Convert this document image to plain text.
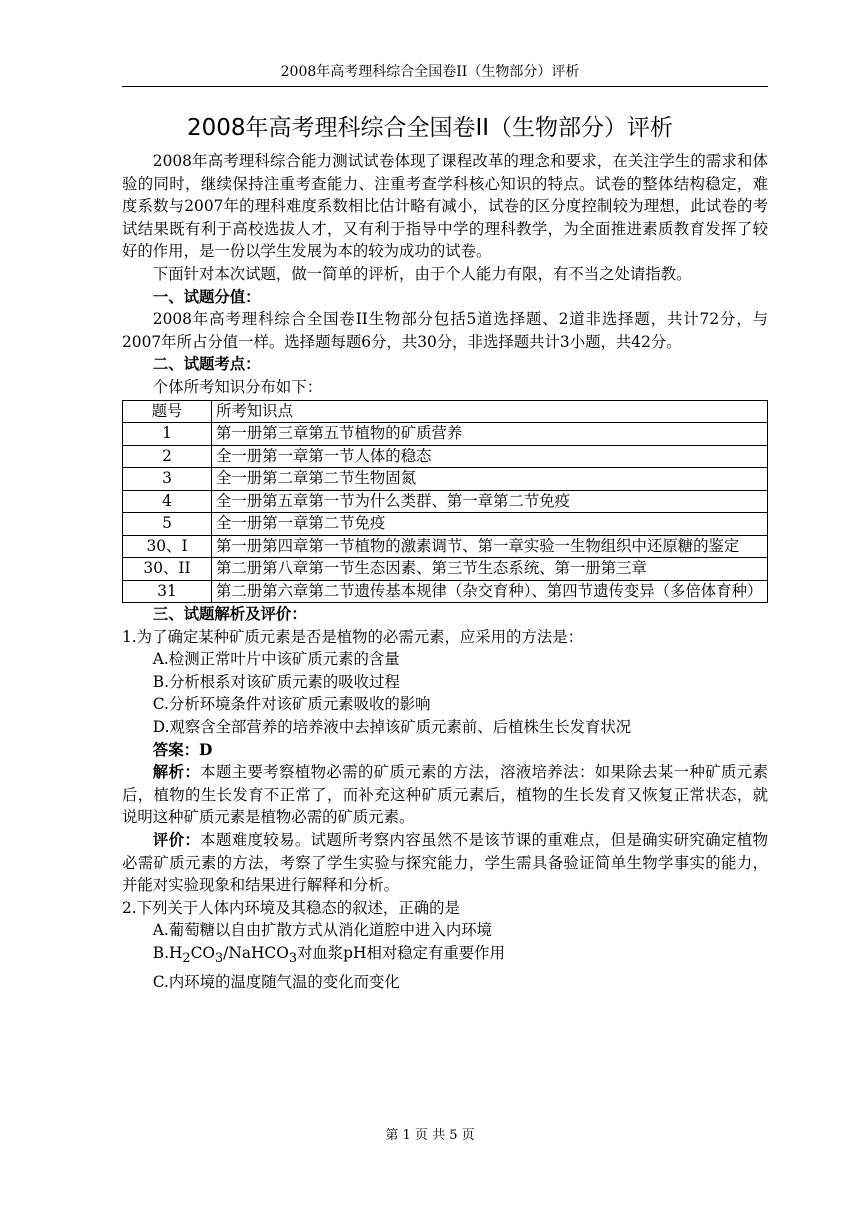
2008年高考理科综合全国卷II（生物部分）评析
2008年高考理科综合全国卷II（生物部分）评析

2008年高考理科综合能力测试试卷体现了课程改革的理念和要求，在关注学生的需求和体验的同时，继续保持注重考查能力、注重考查学科核心知识的特点。试卷的整体结构稳定，难度系数与2007年的理科难度系数相比估计略有减小，试卷的区分度控制较为理想，此试卷的考试结果既有利于高校选拔人才，又有利于指导中学的理科教学，为全面推进素质教育发挥了较好的作用，是一份以学生发展为本的较为成功的试卷。

下面针对本次试题，做一简单的评析，由于个人能力有限，有不当之处请指教。

一、试题分值：

2008年高考理科综合全国卷II生物部分包括5道选择题、2道非选择题，共计72分，与2007年所占分值一样。选择题每题6分，共30分，非选择题共计3小题，共42分。

二、试题考点：

个体所考知识分布如下：

题号	所考知识点
1	第一册第三章第五节植物的矿质营养
2	全一册第一章第一节人体的稳态
3	全一册第二章第二节生物固氮
4	全一册第五章第一节为什么类群、第一章第二节免疫
5	全一册第一章第二节免疫
30、I	第一册第四章第一节植物的激素调节、第一章实验一生物组织中还原糖的鉴定
30、II	第二册第八章第一节生态因素、第三节生态系统、第一册第三章
31	第二册第六章第二节遗传基本规律（杂交育种）、第四节遗传变异（多倍体育种）

三、试题解析及评价：

1.为了确定某种矿质元素是否是植物的必需元素，应采用的方法是：

A.检测正常叶片中该矿质元素的含量

B.分析根系对该矿质元素的吸收过程

C.分析环境条件对该矿质元素吸收的影响

D.观察含全部营养的培养液中去掉该矿质元素前、后植株生长发育状况

答案：D

解析：本题主要考察植物必需的矿质元素的方法，溶液培养法：如果除去某一种矿质元素后，植物的生长发育不正常了，而补充这种矿质元素后，植物的生长发育又恢复正常状态，就说明这种矿质元素是植物必需的矿质元素。

评价：本题难度较易。试题所考察内容虽然不是该节课的重难点，但是确实研究确定植物必需矿质元素的方法，考察了学生实验与探究能力，学生需具备验证简单生物学事实的能力，并能对实验现象和结果进行解释和分析。

2.下列关于人体内环境及其稳态的叙述，正确的是

A.葡萄糖以自由扩散方式从消化道腔中进入内环境

$B.H_2CO_3/NaHCO_3$对血浆pH相对稳定有重要作用

C.内环境的温度随气温的变化而变化

第 1 页 共 5 页
